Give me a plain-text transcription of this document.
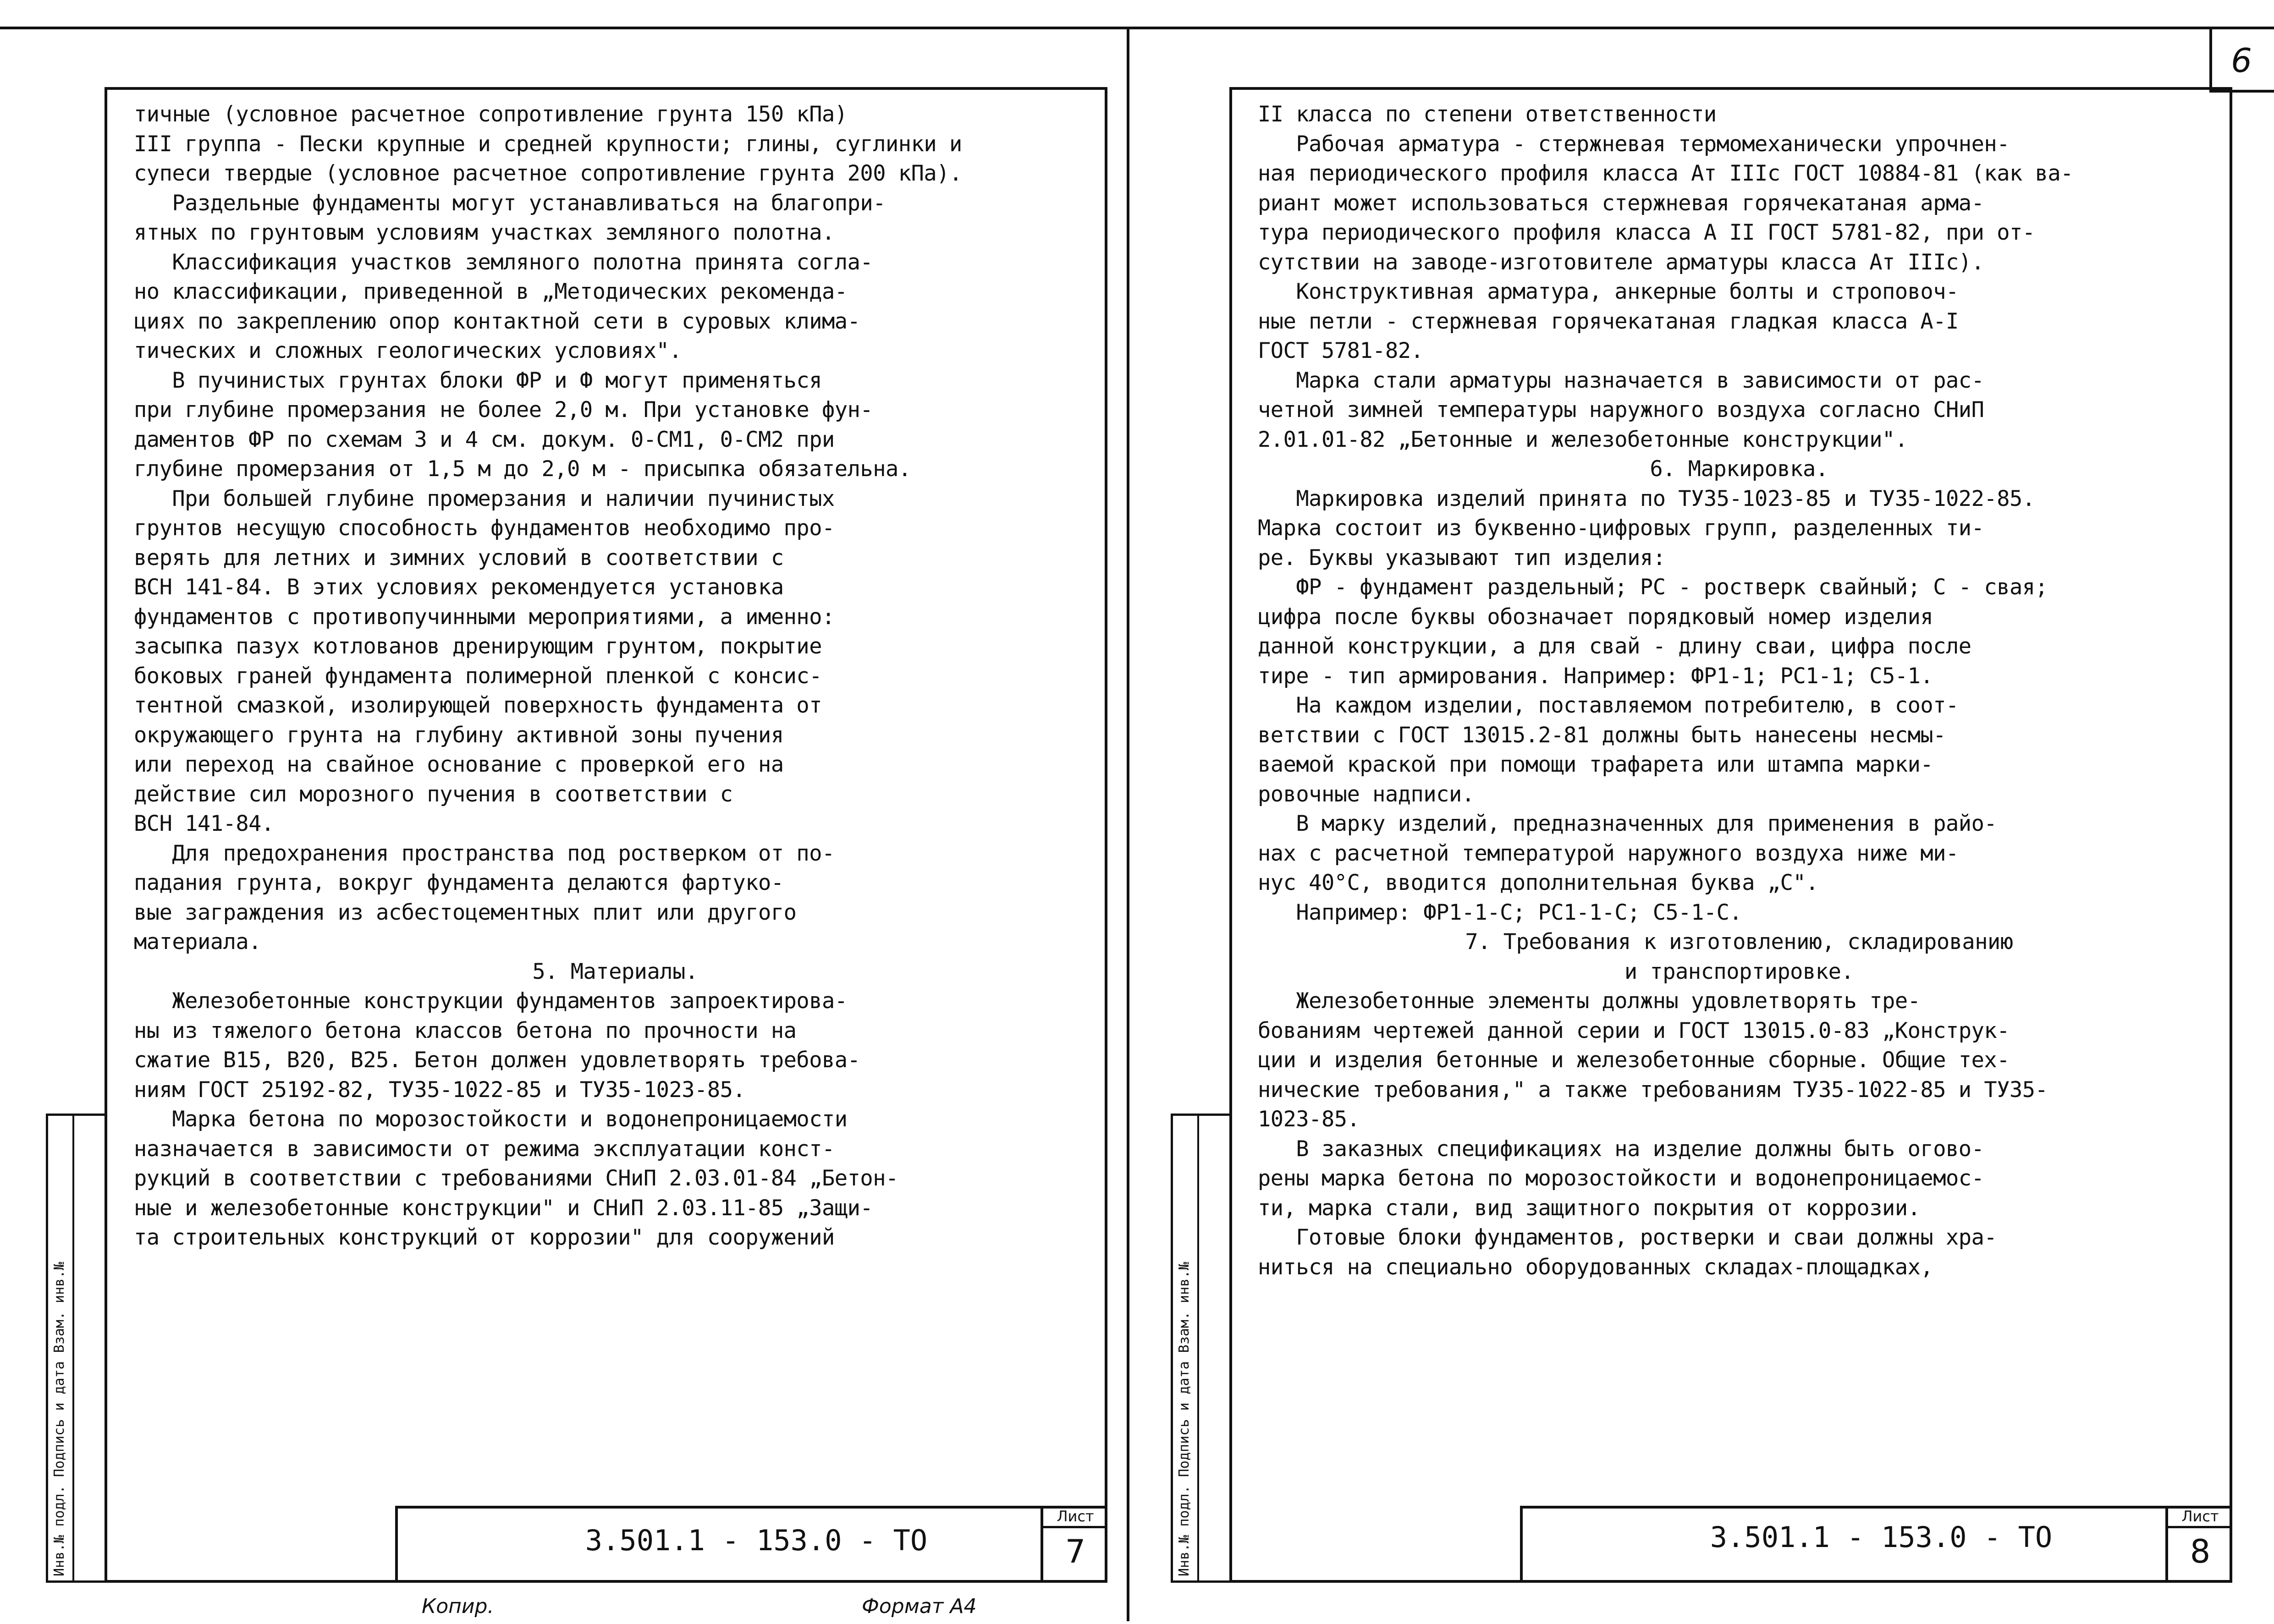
6
Инв.№ подл. Подпись и дата Взам. инв.№
тичные (условное расчетное сопротивление грунта 150 кПа)
III группа - Пески крупные и средней крупности; глины, суглинки и
супеси твердые (условное расчетное сопротивление грунта 200 кПа).
Раздельные фундаменты могут устанавливаться на благопри-
ятных по грунтовым условиям участках земляного полотна.
Классификация участков земляного полотна принята согла-
но классификации, приведенной в „Методических рекоменда-
циях по закреплению опор контактной сети в суровых клима-
тических и сложных геологических условиях".
В пучинистых грунтах блоки ФР и Ф могут применяться
при глубине промерзания не более 2,0 м. При установке фун-
даментов ФР по схемам 3 и 4 см. докум. 0-СМ1, 0-СМ2 при
глубине промерзания от 1,5 м до 2,0 м - присыпка обязательна.
При большей глубине промерзания и наличии пучинистых
грунтов несущую способность фундаментов необходимо про-
верять для летних и зимних условий в соответствии с
ВСН 141-84. В этих условиях рекомендуется установка
фундаментов с противопучинными мероприятиями, а именно:
засыпка пазух котлованов дренирующим грунтом, покрытие
боковых граней фундамента полимерной пленкой с консис-
тентной смазкой, изолирующей поверхность фундамента от
окружающего грунта на глубину активной зоны пучения
или переход на свайное основание с проверкой его на
действие сил морозного пучения в соответствии с
ВСН 141-84.
Для предохранения пространства под ростверком от по-
падания грунта, вокруг фундамента делаются фартуко-
вые заграждения из асбестоцементных плит или другого
материала.
5. Материалы.
Железобетонные конструкции фундаментов запроектирова-
ны из тяжелого бетона классов бетона по прочности на
сжатие В15, В20, В25. Бетон должен удовлетворять требова-
ниям ГОСТ 25192-82, ТУ35-1022-85 и ТУ35-1023-85.
Марка бетона по морозостойкости и водонепроницаемости
назначается в зависимости от режима эксплуатации конст-
рукций в соответствии с требованиями СНиП 2.03.01-84 „Бетон-
ные и железобетонные конструкции" и СНиП 2.03.11-85 „Защи-
та строительных конструкций от коррозии" для сооружений
3.501.1 - 153.0 - ТО
Лист
7	Инв.№ подл. Подпись и дата Взам. инв.№
II класса по степени ответственности
Рабочая арматура - стержневая термомеханически упрочнен-
ная периодического профиля класса Ат IIIс ГОСТ 10884-81 (как ва-
риант может использоваться стержневая горячекатаная арма-
тура периодического профиля класса А II ГОСТ 5781-82, при от-
сутствии на заводе-изготовителе арматуры класса Ат IIIс).
Конструктивная арматура, анкерные болты и строповоч-
ные петли - стержневая горячекатаная гладкая класса А-I
ГОСТ 5781-82.
Марка стали арматуры назначается в зависимости от рас-
четной зимней температуры наружного воздуха согласно СНиП
2.01.01-82 „Бетонные и железобетонные конструкции".
6. Маркировка.
Маркировка изделий принята по ТУ35-1023-85 и ТУ35-1022-85.
Марка состоит из буквенно-цифровых групп, разделенных ти-
ре. Буквы указывают тип изделия:
ФР - фундамент раздельный; РС - ростверк свайный; С - свая;
цифра после буквы обозначает порядковый номер изделия
данной конструкции, а для свай - длину сваи, цифра после
тире - тип армирования. Например: ФР1-1; РС1-1; С5-1.
На каждом изделии, поставляемом потребителю, в соот-
ветствии с ГОСТ 13015.2-81 должны быть нанесены несмы-
ваемой краской при помощи трафарета или штампа марки-
ровочные надписи.
В марку изделий, предназначенных для применения в райо-
нах с расчетной температурой наружного воздуха ниже ми-
нус 40°С, вводится дополнительная буква „С".
Например: ФР1-1-С; РС1-1-С; С5-1-С.
7. Требования к изготовлению, складированию
и транспортировке.
Железобетонные элементы должны удовлетворять тре-
бованиям чертежей данной серии и ГОСТ 13015.0-83 „Конструк-
ции и изделия бетонные и железобетонные сборные. Общие тех-
нические требования," а также требованиям ТУ35-1022-85 и ТУ35-
1023-85.
В заказных спецификациях на изделие должны быть огово-
рены марка бетона по морозостойкости и водонепроницаемос-
ти, марка стали, вид защитного покрытия от коррозии.
Готовые блоки фундаментов, ростверки и сваи должны хра-
ниться на специально оборудованных складах-площадках,
3.501.1 - 153.0 - ТО
Лист
8
Копир.	Формат А4
